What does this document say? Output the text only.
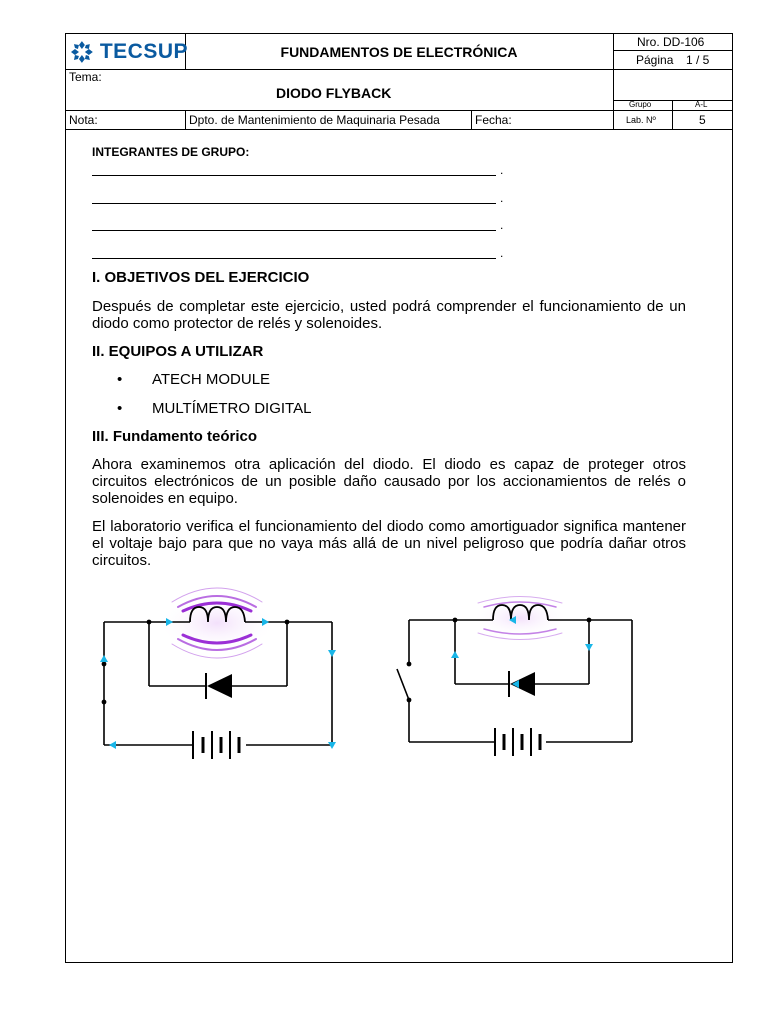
TECSUP	FUNDAMENTOS DE ELECTRÓNICA
Nro. DD-106
Página 1 / 5
Tema:
DIODO FLYBACK
Grupo	A-L
Nota:	Dpto. de Mantenimiento de Maquinaria Pesada	Fecha:	Lab. Nº	5
INTEGRANTES DE GRUPO:
.
.
.
.
I. OBJETIVOS DEL EJERCICIO

Después de completar este ejercicio, usted podrá comprender el funcionamiento de un diodo como protector de relés y solenoides.

II. EQUIPOS A UTILIZAR
• ATECH MODULE
• MULTÍMETRO DIGITAL
III. Fundamento teórico

Ahora examinemos otra aplicación del diodo. El diodo es capaz de proteger otros circuitos electrónicos de un posible daño causado por los accionamientos de relés o solenoides en equipo.

El laboratorio verifica el funcionamiento del diodo como amortiguador significa mantener el voltaje bajo para que no vaya más allá de un nivel peligroso que podría dañar otros circuitos.
